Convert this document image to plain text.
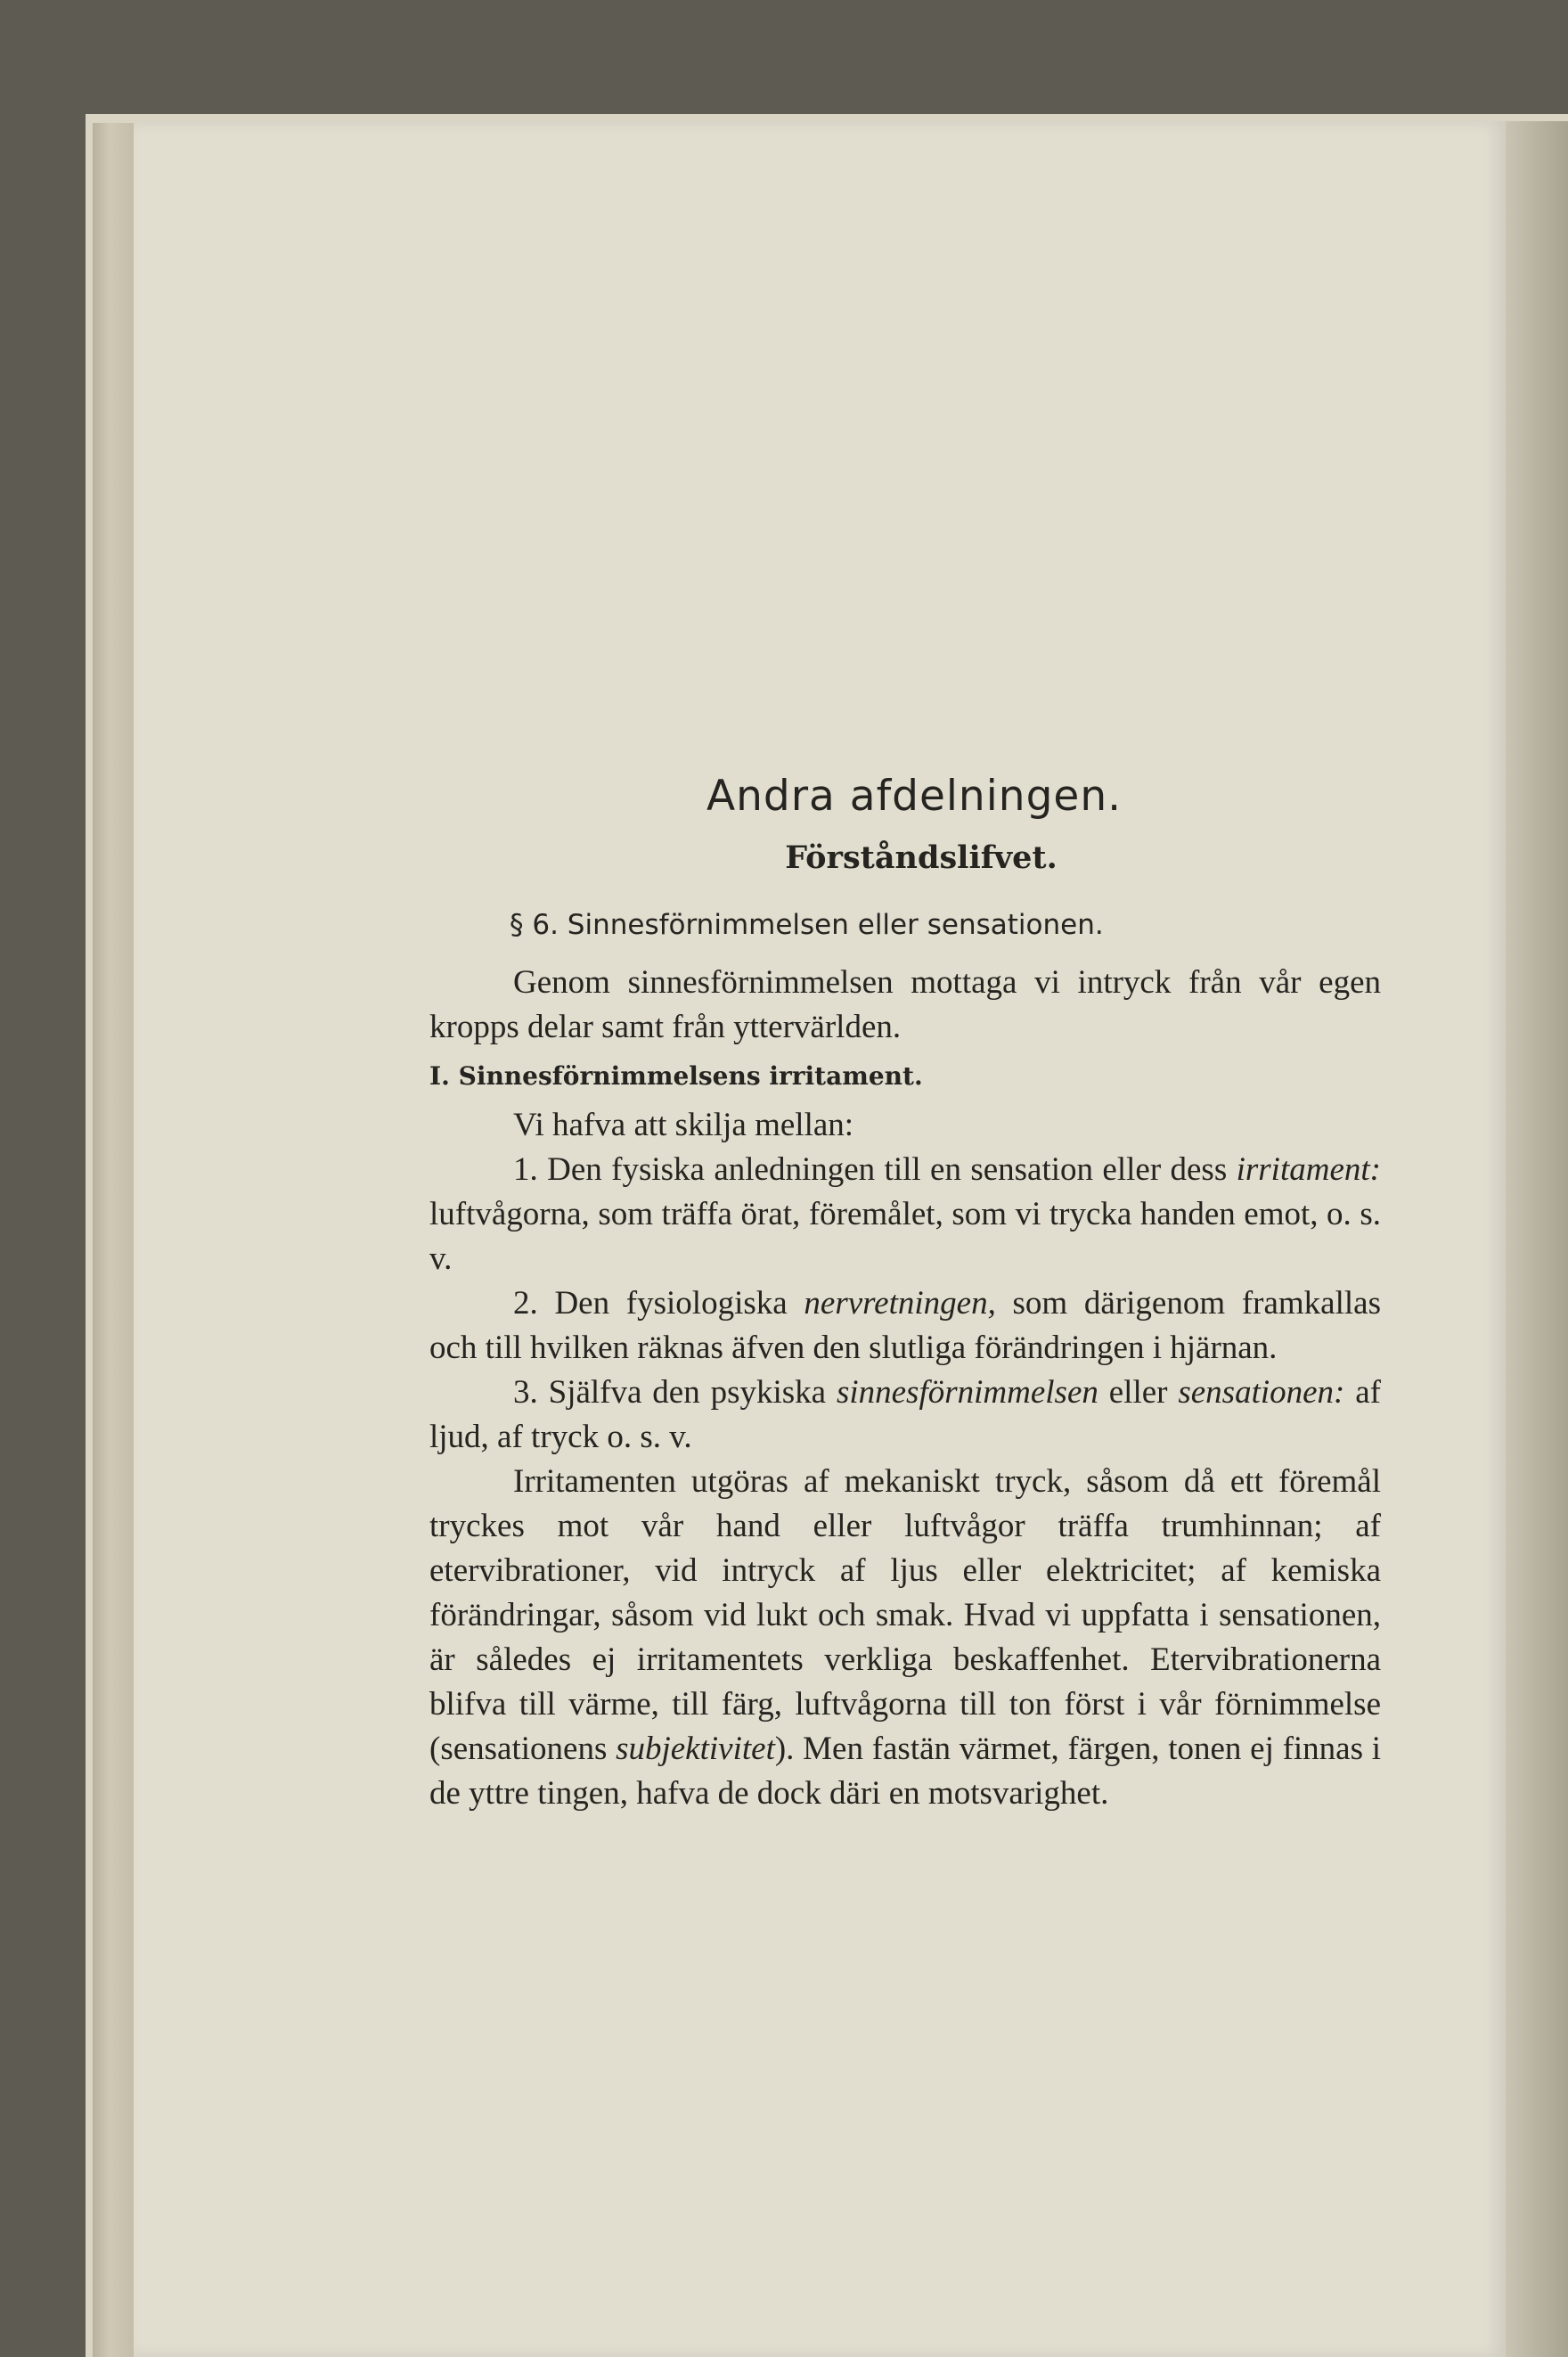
Andra afdelningen.
Förståndslifvet.
§ 6. Sinnesförnimmelsen eller sensationen.

Genom sinnesförnimmelsen mottaga vi intryck från vår egen kropps delar samt från yttervärlden.

I. Sinnesförnimmelsens irritament.

Vi hafva att skilja mellan:

1. Den fysiska anledningen till en sensation eller dess irritament: luftvågorna, som träffa örat, föremålet, som vi trycka handen emot, o. s. v.

2. Den fysiologiska nervretningen, som därigenom framkallas och till hvilken räknas äfven den slutliga förändringen i hjärnan.

3. Själfva den psykiska sinnesförnimmelsen eller sensationen: af ljud, af tryck o. s. v.

Irritamenten utgöras af mekaniskt tryck, såsom då ett föremål tryckes mot vår hand eller luftvågor träffa trumhinnan; af etervibrationer, vid intryck af ljus eller elektricitet; af kemiska förändringar, såsom vid lukt och smak. Hvad vi uppfatta i sensationen, är således ej irritamentets verkliga beskaffenhet. Etervibrationerna blifva till värme, till färg, luftvågorna till ton först i vår förnimmelse (sensationens subjektivitet). Men fastän värmet, färgen, tonen ej finnas i de yttre tingen, hafva de dock däri en motsvarighet.
